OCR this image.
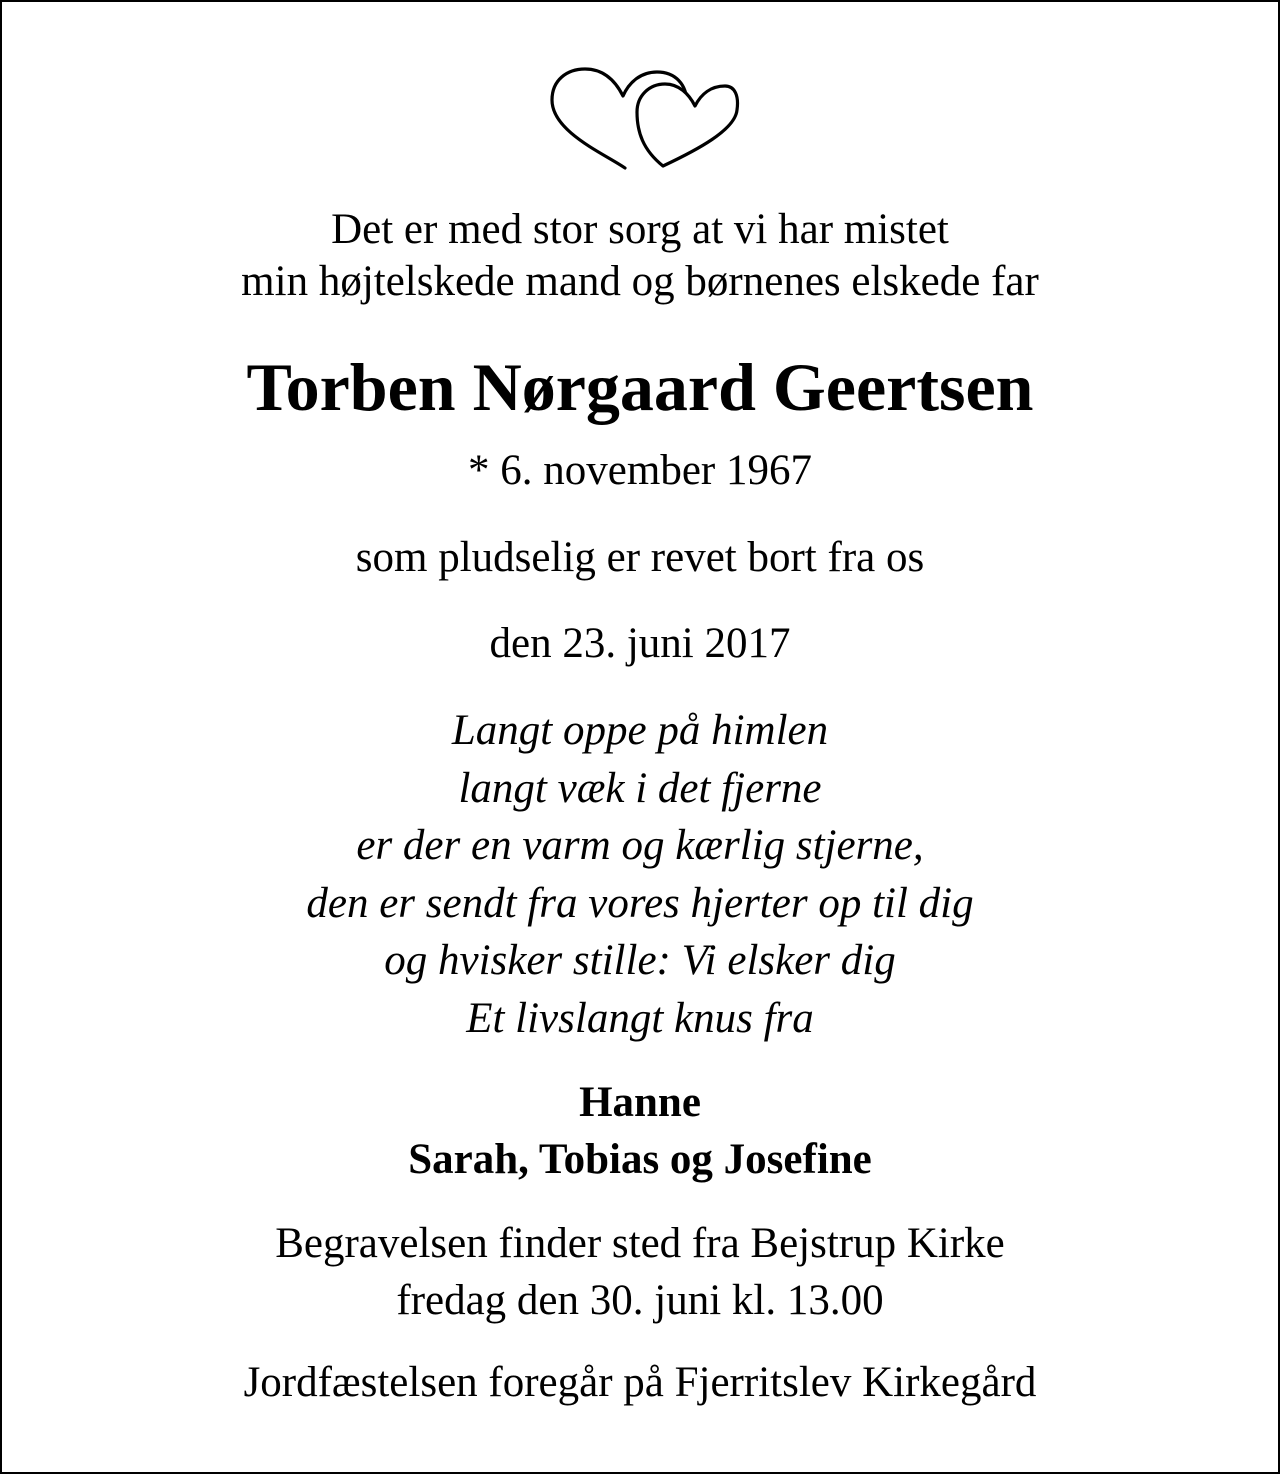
Det er med stor sorg at vi har mistet
min højtelskede mand og børnenes elskede far
Torben Nørgaard Geertsen
* 6. november 1967
som pludselig er revet bort fra os
den 23. juni 2017
Langt oppe på himlen
langt væk i det fjerne
er der en varm og kærlig stjerne,
den er sendt fra vores hjerter op til dig
og hvisker stille: Vi elsker dig
Et livslangt knus fra
Hanne
Sarah, Tobias og Josefine
Begravelsen finder sted fra Bejstrup Kirke
fredag den 30. juni kl. 13.00
Jordfæstelsen foregår på Fjerritslev Kirkegård
